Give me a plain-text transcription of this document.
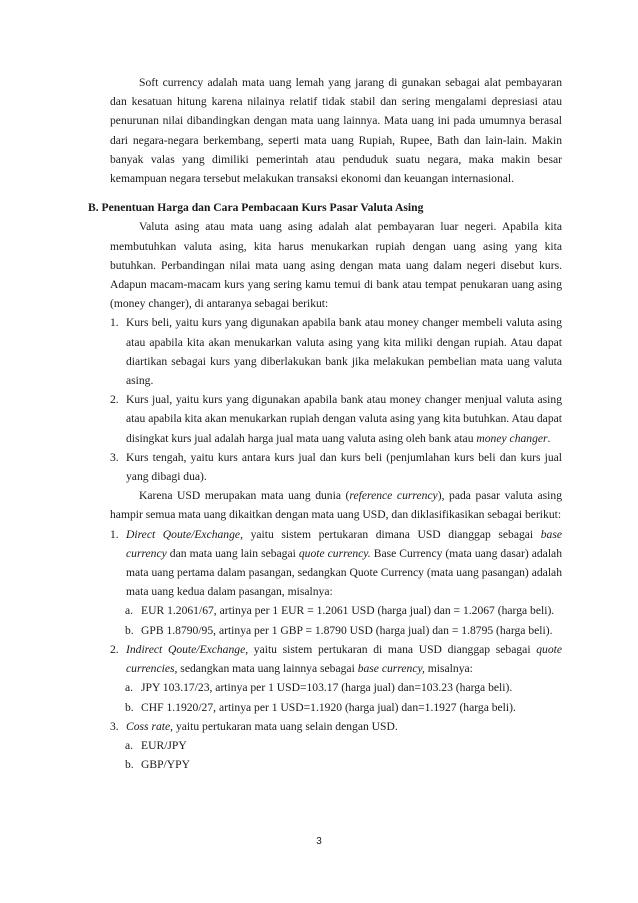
Soft currency adalah mata uang lemah yang jarang di gunakan sebagai alat pembayaran dan kesatuan hitung karena nilainya relatif tidak stabil dan sering mengalami depresiasi atau penurunan nilai dibandingkan dengan mata uang lainnya. Mata uang ini pada umumnya berasal dari negara-negara berkembang, seperti mata uang Rupiah, Rupee, Bath dan lain-lain. Makin banyak valas yang dimiliki pemerintah atau penduduk suatu negara, maka makin besar kemampuan negara tersebut melakukan transaksi ekonomi dan keuangan internasional.

B. Penentuan Harga dan Cara Pembacaan Kurs Pasar Valuta Asing

Valuta asing atau mata uang asing adalah alat pembayaran luar negeri. Apabila kita membutuhkan valuta asing, kita harus menukarkan rupiah dengan uang asing yang kita butuhkan. Perbandingan nilai mata uang asing dengan mata uang dalam negeri disebut kurs. Adapun macam-macam kurs yang sering kamu temui di bank atau tempat penukaran uang asing (money changer), di antaranya sebagai berikut:

1. Kurs beli, yaitu kurs yang digunakan apabila bank atau money changer membeli valuta asing atau apabila kita akan menukarkan valuta asing yang kita miliki dengan rupiah. Atau dapat diartikan sebagai kurs yang diberlakukan bank jika melakukan pembelian mata uang valuta asing.

2. Kurs jual, yaitu kurs yang digunakan apabila bank atau money changer menjual valuta asing atau apabila kita akan menukarkan rupiah dengan valuta asing yang kita butuhkan. Atau dapat disingkat kurs jual adalah harga jual mata uang valuta asing oleh bank atau money changer.

3. Kurs tengah, yaitu kurs antara kurs jual dan kurs beli (penjumlahan kurs beli dan kurs jual yang dibagi dua).

Karena USD merupakan mata uang dunia (reference currency), pada pasar valuta asing hampir semua mata uang dikaitkan dengan mata uang USD, dan diklasifikasikan sebagai berikut:

1. Direct Qoute/Exchange, yaitu sistem pertukaran dimana USD dianggap sebagai base currency dan mata uang lain sebagai quote currency. Base Currency (mata uang dasar) adalah mata uang pertama dalam pasangan, sedangkan Quote Currency (mata uang pasangan) adalah mata uang kedua dalam pasangan, misalnya:

a. EUR 1.2061/67, artinya per 1 EUR = 1.2061 USD (harga jual) dan = 1.2067 (harga beli).

b. GPB 1.8790/95, artinya per 1 GBP = 1.8790 USD (harga jual) dan = 1.8795 (harga beli).

2. Indirect Qoute/Exchange, yaitu sistem pertukaran di mana USD dianggap sebagai quote currencies, sedangkan mata uang lainnya sebagai base currency, misalnya:

a. JPY 103.17/23, artinya per 1 USD=103.17 (harga jual) dan=103.23 (harga beli).

b. CHF 1.1920/27, artinya per 1 USD=1.1920 (harga jual) dan=1.1927 (harga beli).

3. Coss rate, yaitu pertukaran mata uang selain dengan USD.

a. EUR/JPY

b. GBP/YPY

3
